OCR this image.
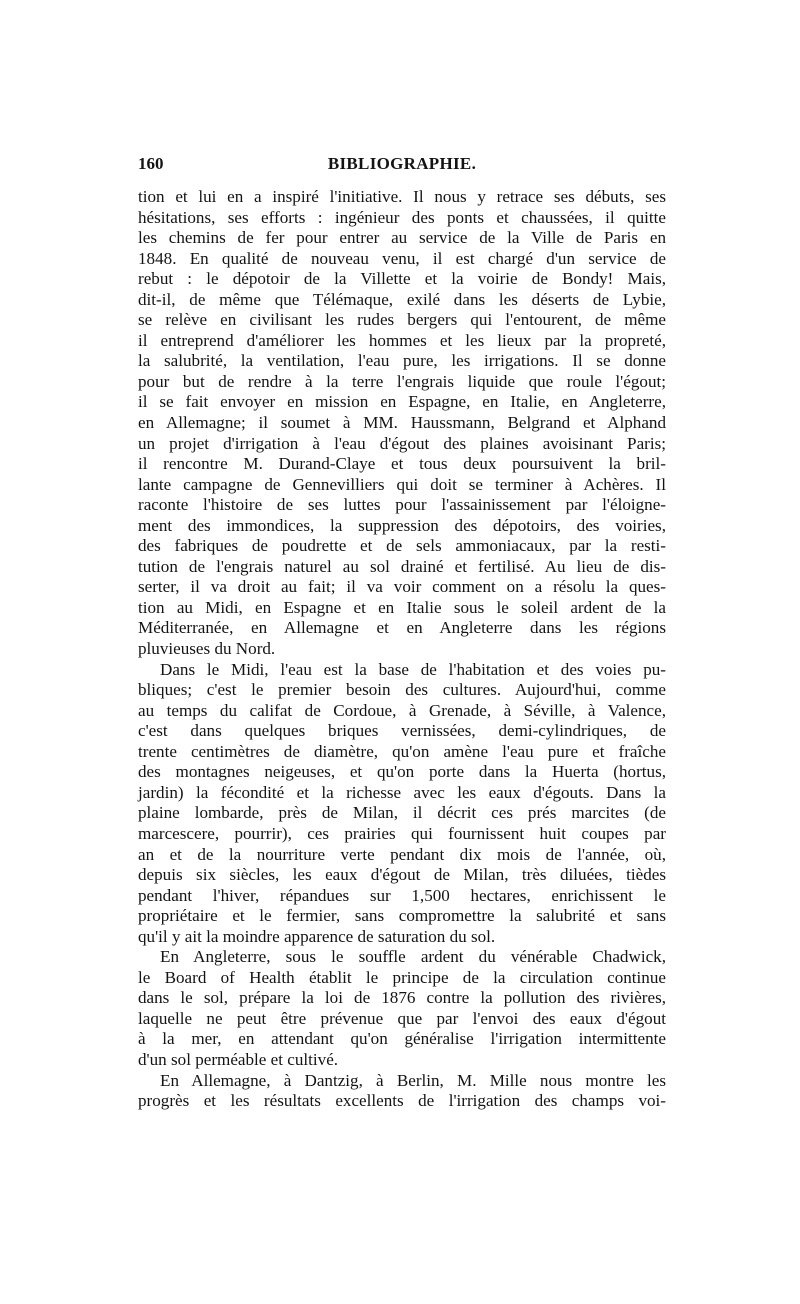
160	BIBLIOGRAPHIE.
tion et lui en a inspiré l'initiative. Il nous y retrace ses débuts, ses
hésitations, ses efforts : ingénieur des ponts et chaussées, il quitte
les chemins de fer pour entrer au service de la Ville de Paris en
1848. En qualité de nouveau venu, il est chargé d'un service de
rebut : le dépotoir de la Villette et la voirie de Bondy! Mais,
dit-il, de même que Télémaque, exilé dans les déserts de Lybie,
se relève en civilisant les rudes bergers qui l'entourent, de même
il entreprend d'améliorer les hommes et les lieux par la propreté,
la salubrité, la ventilation, l'eau pure, les irrigations. Il se donne
pour but de rendre à la terre l'engrais liquide que roule l'égout;
il se fait envoyer en mission en Espagne, en Italie, en Angleterre,
en Allemagne; il soumet à MM. Haussmann, Belgrand et Alphand
un projet d'irrigation à l'eau d'égout des plaines avoisinant Paris;
il rencontre M. Durand-Claye et tous deux poursuivent la bril-
lante campagne de Gennevilliers qui doit se terminer à Achères. Il
raconte l'histoire de ses luttes pour l'assainissement par l'éloigne-
ment des immondices, la suppression des dépotoirs, des voiries,
des fabriques de poudrette et de sels ammoniacaux, par la resti-
tution de l'engrais naturel au sol drainé et fertilisé. Au lieu de dis-
serter, il va droit au fait; il va voir comment on a résolu la ques-
tion au Midi, en Espagne et en Italie sous le soleil ardent de la
Méditerranée, en Allemagne et en Angleterre dans les régions
pluvieuses du Nord.
Dans le Midi, l'eau est la base de l'habitation et des voies pu-
bliques; c'est le premier besoin des cultures. Aujourd'hui, comme
au temps du califat de Cordoue, à Grenade, à Séville, à Valence,
c'est dans quelques briques vernissées, demi-cylindriques, de
trente centimètres de diamètre, qu'on amène l'eau pure et fraîche
des montagnes neigeuses, et qu'on porte dans la Huerta (hortus,
jardin) la fécondité et la richesse avec les eaux d'égouts. Dans la
plaine lombarde, près de Milan, il décrit ces prés marcites (de
marcescere, pourrir), ces prairies qui fournissent huit coupes par
an et de la nourriture verte pendant dix mois de l'année, où,
depuis six siècles, les eaux d'égout de Milan, très diluées, tièdes
pendant l'hiver, répandues sur 1,500 hectares, enrichissent le
propriétaire et le fermier, sans compromettre la salubrité et sans
qu'il y ait la moindre apparence de saturation du sol.
En Angleterre, sous le souffle ardent du vénérable Chadwick,
le Board of Health établit le principe de la circulation continue
dans le sol, prépare la loi de 1876 contre la pollution des rivières,
laquelle ne peut être prévenue que par l'envoi des eaux d'égout
à la mer, en attendant qu'on généralise l'irrigation intermittente
d'un sol perméable et cultivé.
En Allemagne, à Dantzig, à Berlin, M. Mille nous montre les
progrès et les résultats excellents de l'irrigation des champs voi-
